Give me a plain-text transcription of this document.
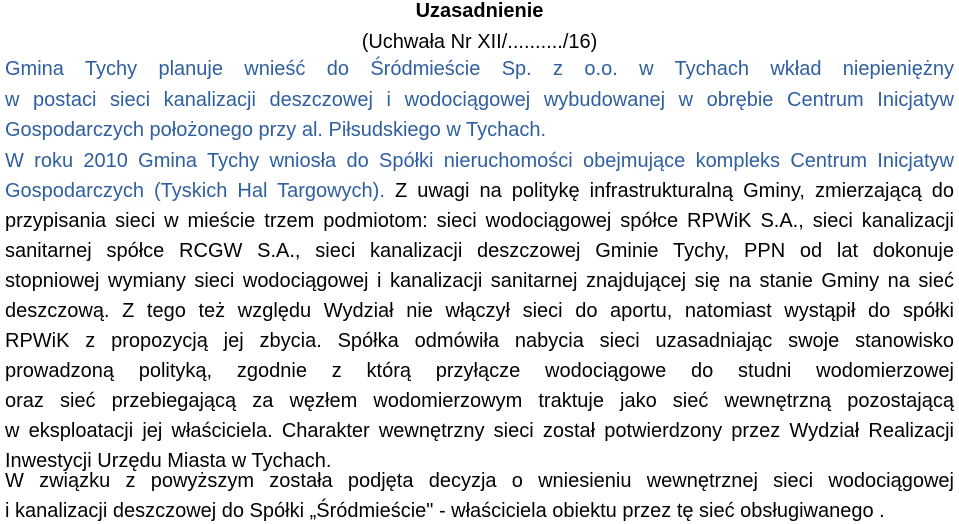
Uzasadnienie
(Uchwała Nr XII/........../16)
Gmina Tychy planuje wnieść do Śródmieście Sp. z o.o. w Tychach wkład niepieniężny
w postaci sieci kanalizacji deszczowej i wodociągowej wybudowanej w obrębie Centrum Inicjatyw
Gospodarczych położonego przy al. Piłsudskiego w Tychach.
W roku 2010 Gmina Tychy wniosła do Spółki nieruchomości obejmujące kompleks Centrum Inicjatyw
Gospodarczych (Tyskich Hal Targowych). Z uwagi na politykę infrastrukturalną Gminy, zmierzającą do
przypisania sieci w mieście trzem podmiotom: sieci wodociągowej spółce RPWiK S.A., sieci kanalizacji
sanitarnej spółce RCGW S.A., sieci kanalizacji deszczowej Gminie Tychy, PPN od lat dokonuje
stopniowej wymiany sieci wodociągowej i kanalizacji sanitarnej znajdującej się na stanie Gminy na sieć
deszczową. Z tego też względu Wydział nie włączył sieci do aportu, natomiast wystąpił do spółki
RPWiK z propozycją jej zbycia. Spółka odmówiła nabycia sieci uzasadniając swoje stanowisko
prowadzoną polityką, zgodnie z którą przyłącze wodociągowe do studni wodomierzowej
oraz sieć przebiegającą za węzłem wodomierzowym traktuje jako sieć wewnętrzną pozostającą
w eksploatacji jej właściciela. Charakter wewnętrzny sieci został potwierdzony przez Wydział Realizacji
Inwestycji Urzędu Miasta w Tychach.
W związku z powyższym została podjęta decyzja o wniesieniu wewnętrznej sieci wodociągowej
i kanalizacji deszczowej do Spółki „Śródmieście" - właściciela obiektu przez tę sieć obsługiwanego .
